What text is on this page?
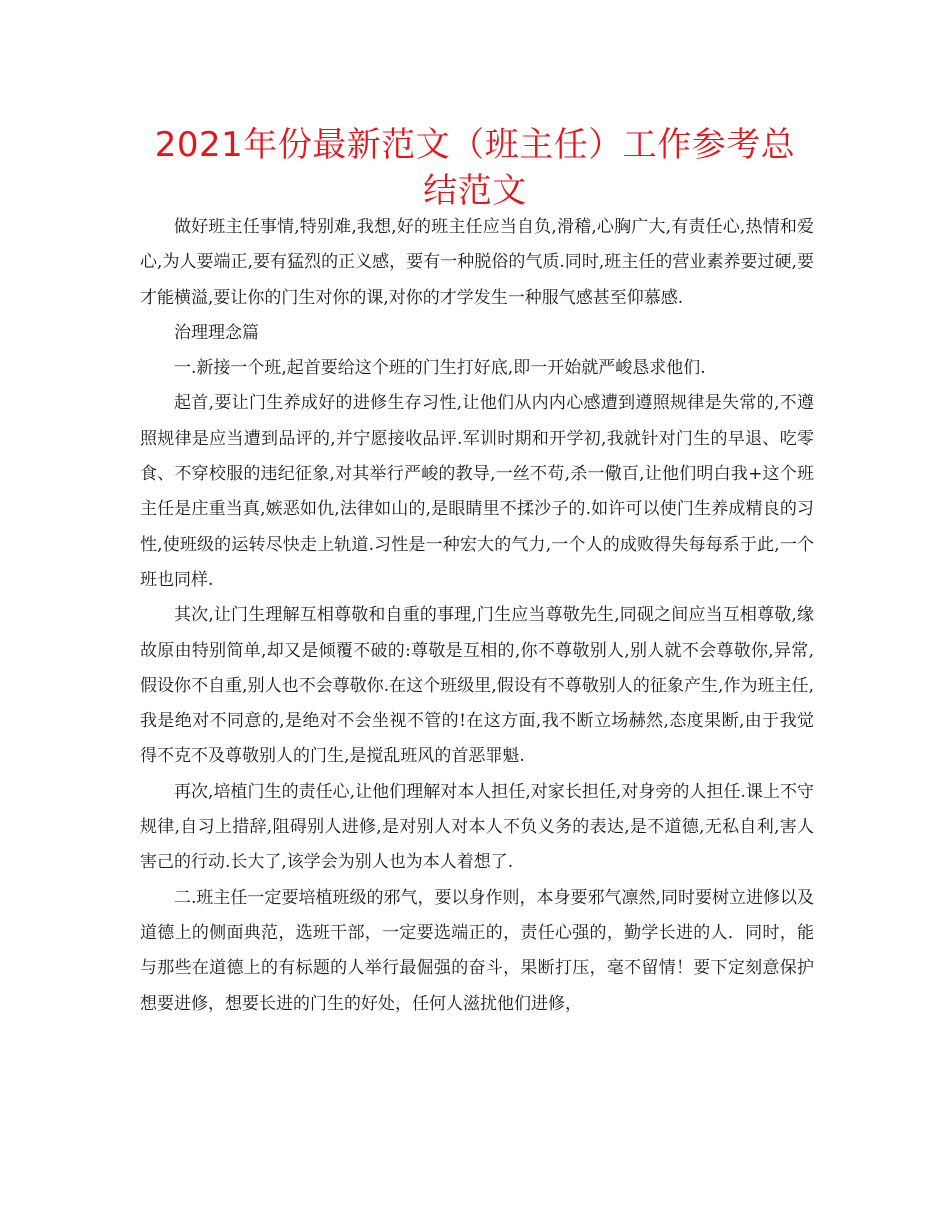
2021年份最新范文（班主任）工作参考总结范文

做好班主任事情,特别难,我想,好的班主任应当自负,滑稽,心胸广大,有责任心,热情和爱心,为人要端正,要有猛烈的正义感，要有一种脱俗的气质.同时,班主任的营业素养要过硬,要才能横溢,要让你的门生对你的课,对你的才学发生一种服气感甚至仰慕感.

治理理念篇

一.新接一个班,起首要给这个班的门生打好底,即一开始就严峻恳求他们.

起首,要让门生养成好的进修生存习性,让他们从内内心感遭到遵照规律是失常的,不遵照规律是应当遭到品评的,并宁愿接收品评.军训时期和开学初,我就针对门生的早退、吃零食、不穿校服的违纪征象,对其举行严峻的教导,一丝不苟,杀一儆百,让他们明白我+这个班主任是庄重当真,嫉恶如仇,法律如山的,是眼睛里不揉沙子的.如许可以使门生养成精良的习性,使班级的运转尽快走上轨道.习性是一种宏大的气力,一个人的成败得失每每系于此,一个班也同样.

其次,让门生理解互相尊敬和自重的事理,门生应当尊敬先生,同砚之间应当互相尊敬,缘故原由特别简单,却又是倾覆不破的:尊敬是互相的,你不尊敬别人,别人就不会尊敬你,异常,假设你不自重,别人也不会尊敬你.在这个班级里,假设有不尊敬别人的征象产生,作为班主任,我是绝对不同意的,是绝对不会坐视不管的!在这方面,我不断立场赫然,态度果断,由于我觉得不克不及尊敬别人的门生,是搅乱班风的首恶罪魁.

再次,培植门生的责任心,让他们理解对本人担任,对家长担任,对身旁的人担任.课上不守规律,自习上措辞,阻碍别人进修,是对别人对本人不负义务的表达,是不道德,无私自利,害人害己的行动.长大了,该学会为别人也为本人着想了.

二.班主任一定要培植班级的邪气，要以身作则，本身要邪气凛然,同时要树立进修以及道德上的侧面典范，选班干部，一定要选端正的，责任心强的，勤学长进的人．同时，能与那些在道德上的有标题的人举行最倔强的奋斗，果断打压，毫不留情！要下定刻意保护想要进修，想要长进的门生的好处，任何人滋扰他们进修，
